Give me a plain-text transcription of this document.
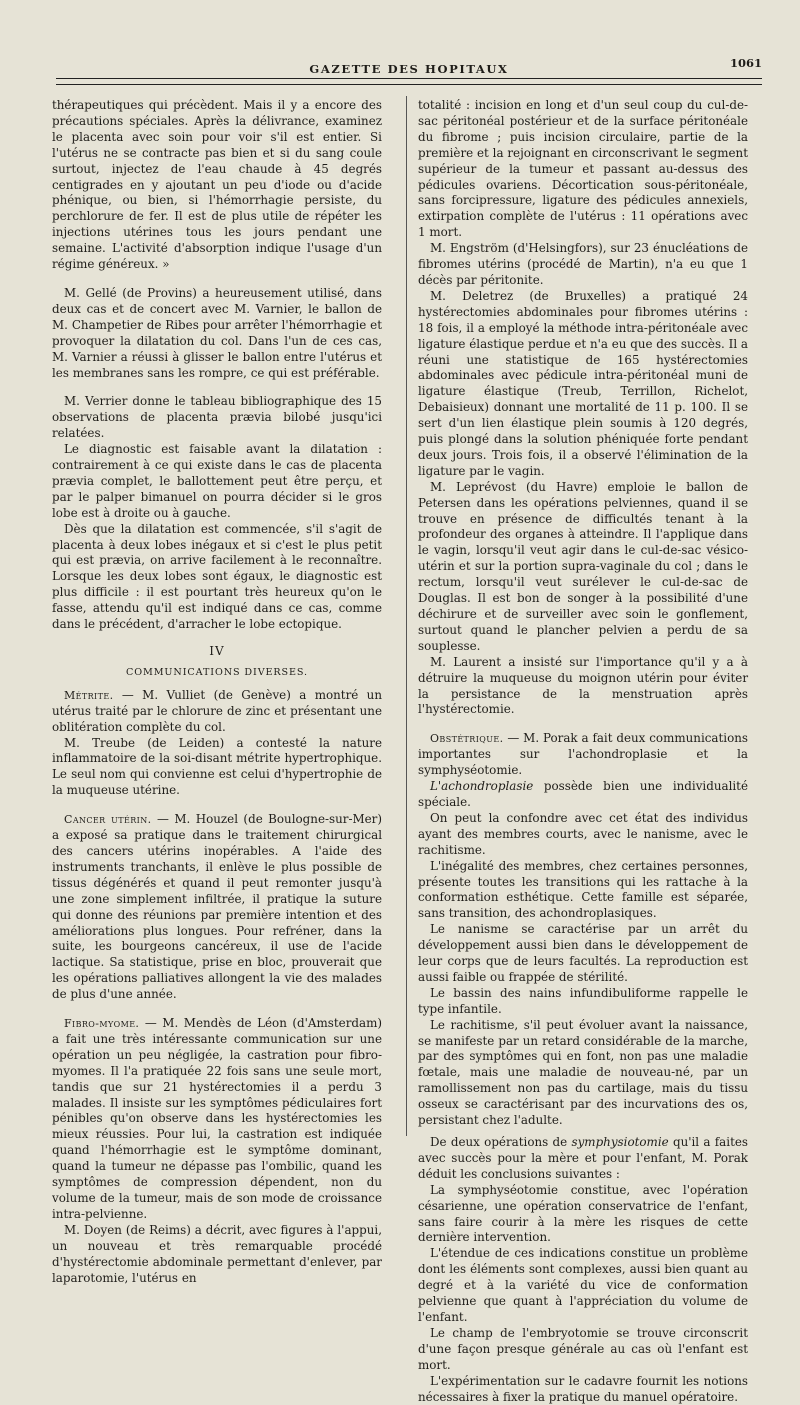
GAZETTE DES HOPITAUX	1061

thérapeutiques qui précèdent. Mais il y a encore des précautions spéciales. Après la délivrance, examinez le placenta avec soin pour voir s'il est entier. Si l'utérus ne se contracte pas bien et si du sang coule surtout, injectez de l'eau chaude à 45 degrés centigrades en y ajoutant un peu d'iode ou d'acide phénique, ou bien, si l'hémorrhagie persiste, du perchlorure de fer. Il est de plus utile de répéter les injections utérines tous les jours pendant une semaine. L'activité d'absorption indique l'usage d'un régime généreux. »

M. Gellé (de Provins) a heureusement utilisé, dans deux cas et de concert avec M. Varnier, le ballon de M. Champetier de Ribes pour arrêter l'hémorrhagie et provoquer la dilatation du col. Dans l'un de ces cas, M. Varnier a réussi à glisser le ballon entre l'utérus et les membranes sans les rompre, ce qui est préférable.

M. Verrier donne le tableau bibliographique des 15 observations de placenta prævia bilobé jusqu'ici relatées.

Le diagnostic est faisable avant la dilatation : contrairement à ce qui existe dans le cas de placenta prævia complet, le ballottement peut être perçu, et par le palper bimanuel on pourra décider si le gros lobe est à droite ou à gauche.

Dès que la dilatation est commencée, s'il s'agit de placenta à deux lobes inégaux et si c'est le plus petit qui est prævia, on arrive facilement à le reconnaître. Lorsque les deux lobes sont égaux, le diagnostic est plus difficile : il est pourtant très heureux qu'on le fasse, attendu qu'il est indiqué dans ce cas, comme dans le précédent, d'arracher le lobe ectopique.

IV
COMMUNICATIONS DIVERSES.

Métrite. — M. Vulliet (de Genève) a montré un utérus traité par le chlorure de zinc et présentant une oblitération complète du col.

M. Treube (de Leiden) a contesté la nature inflammatoire de la soi-disant métrite hypertrophique. Le seul nom qui convienne est celui d'hypertrophie de la muqueuse utérine.

Cancer utérin. — M. Houzel (de Boulogne-sur-Mer) a exposé sa pratique dans le traitement chirurgical des cancers utérins inopérables. A l'aide des instruments tranchants, il enlève le plus possible de tissus dégénérés et quand il peut remonter jusqu'à une zone simplement infiltrée, il pratique la suture qui donne des réunions par première intention et des améliorations plus longues. Pour refréner, dans la suite, les bourgeons cancéreux, il use de l'acide lactique. Sa statistique, prise en bloc, prouverait que les opérations palliatives allongent la vie des malades de plus d'une année.

Fibro-myome. — M. Mendès de Léon (d'Amsterdam) a fait une très intéressante communication sur une opération un peu négligée, la castration pour fibro-myomes. Il l'a pratiquée 22 fois sans une seule mort, tandis que sur 21 hystérectomies il a perdu 3 malades. Il insiste sur les symptômes pédiculaires fort pénibles qu'on observe dans les hystérectomies les mieux réussies. Pour lui, la castration est indiquée quand l'hémorrhagie est le symptôme dominant, quand la tumeur ne dépasse pas l'ombilic, quand les symptômes de compression dépendent, non du volume de la tumeur, mais de son mode de croissance intra-pelvienne.

M. Doyen (de Reims) a décrit, avec figures à l'appui, un nouveau et très remarquable procédé d'hystérectomie abdominale permettant d'enlever, par laparotomie, l'utérus en

totalité : incision en long et d'un seul coup du cul-de-sac péritonéal postérieur et de la surface péritonéale du fibrome ; puis incision circulaire, partie de la première et la rejoignant en circonscrivant le segment supérieur de la tumeur et passant au-dessus des pédicules ovariens. Décortication sous-péritonéale, sans forcipressure, ligature des pédicules annexiels, extirpation complète de l'utérus : 11 opérations avec 1 mort.

M. Engström (d'Helsingfors), sur 23 énucléations de fibromes utérins (procédé de Martin), n'a eu que 1 décès par péritonite.

M. Deletrez (de Bruxelles) a pratiqué 24 hystérectomies abdominales pour fibromes utérins : 18 fois, il a employé la méthode intra-péritonéale avec ligature élastique perdue et n'a eu que des succès. Il a réuni une statistique de 165 hystérectomies abdominales avec pédicule intra-péritonéal muni de ligature élastique (Treub, Terrillon, Richelot, Debaisieux) donnant une mortalité de 11 p. 100. Il se sert d'un lien élastique plein soumis à 120 degrés, puis plongé dans la solution phéniquée forte pendant deux jours. Trois fois, il a observé l'élimination de la ligature par le vagin.

M. Leprévost (du Havre) emploie le ballon de Petersen dans les opérations pelviennes, quand il se trouve en présence de difficultés tenant à la profondeur des organes à atteindre. Il l'applique dans le vagin, lorsqu'il veut agir dans le cul-de-sac vésico-utérin et sur la portion supra-vaginale du col ; dans le rectum, lorsqu'il veut surélever le cul-de-sac de Douglas. Il est bon de songer à la possibilité d'une déchirure et de surveiller avec soin le gonflement, surtout quand le plancher pelvien a perdu de sa souplesse.

M. Laurent a insisté sur l'importance qu'il y a à détruire la muqueuse du moignon utérin pour éviter la persistance de la menstruation après l'hystérectomie.

Obstétrique. — M. Porak a fait deux communications importantes sur l'achondroplasie et la symphyséotomie.

L'achondroplasie possède bien une individualité spéciale.

On peut la confondre avec cet état des individus ayant des membres courts, avec le nanisme, avec le rachitisme.

L'inégalité des membres, chez certaines personnes, présente toutes les transitions qui les rattache à la conformation esthétique. Cette famille est séparée, sans transition, des achondroplasiques.

Le nanisme se caractérise par un arrêt du développement aussi bien dans le développement de leur corps que de leurs facultés. La reproduction est aussi faible ou frappée de stérilité.

Le bassin des nains infundibuliforme rappelle le type infantile.

Le rachitisme, s'il peut évoluer avant la naissance, se manifeste par un retard considérable de la marche, par des symptômes qui en font, non pas une maladie fœtale, mais une maladie de nouveau-né, par un ramollissement non pas du cartilage, mais du tissu osseux se caractérisant par des incurvations des os, persistant chez l'adulte.

De deux opérations de symphysiotomie qu'il a faites avec succès pour la mère et pour l'enfant, M. Porak déduit les conclusions suivantes :

La symphyséotomie constitue, avec l'opération césarienne, une opération conservatrice de l'enfant, sans faire courir à la mère les risques de cette dernière intervention.

L'étendue de ces indications constitue un problème dont les éléments sont complexes, aussi bien quant au degré et à la variété du vice de conformation pelvienne que quant à l'appréciation du volume de l'enfant.

Le champ de l'embryotomie se trouve circonscrit d'une façon presque générale au cas où l'enfant est mort.

L'expérimentation sur le cadavre fournit les notions nécessaires à fixer la pratique du manuel opératoire.
